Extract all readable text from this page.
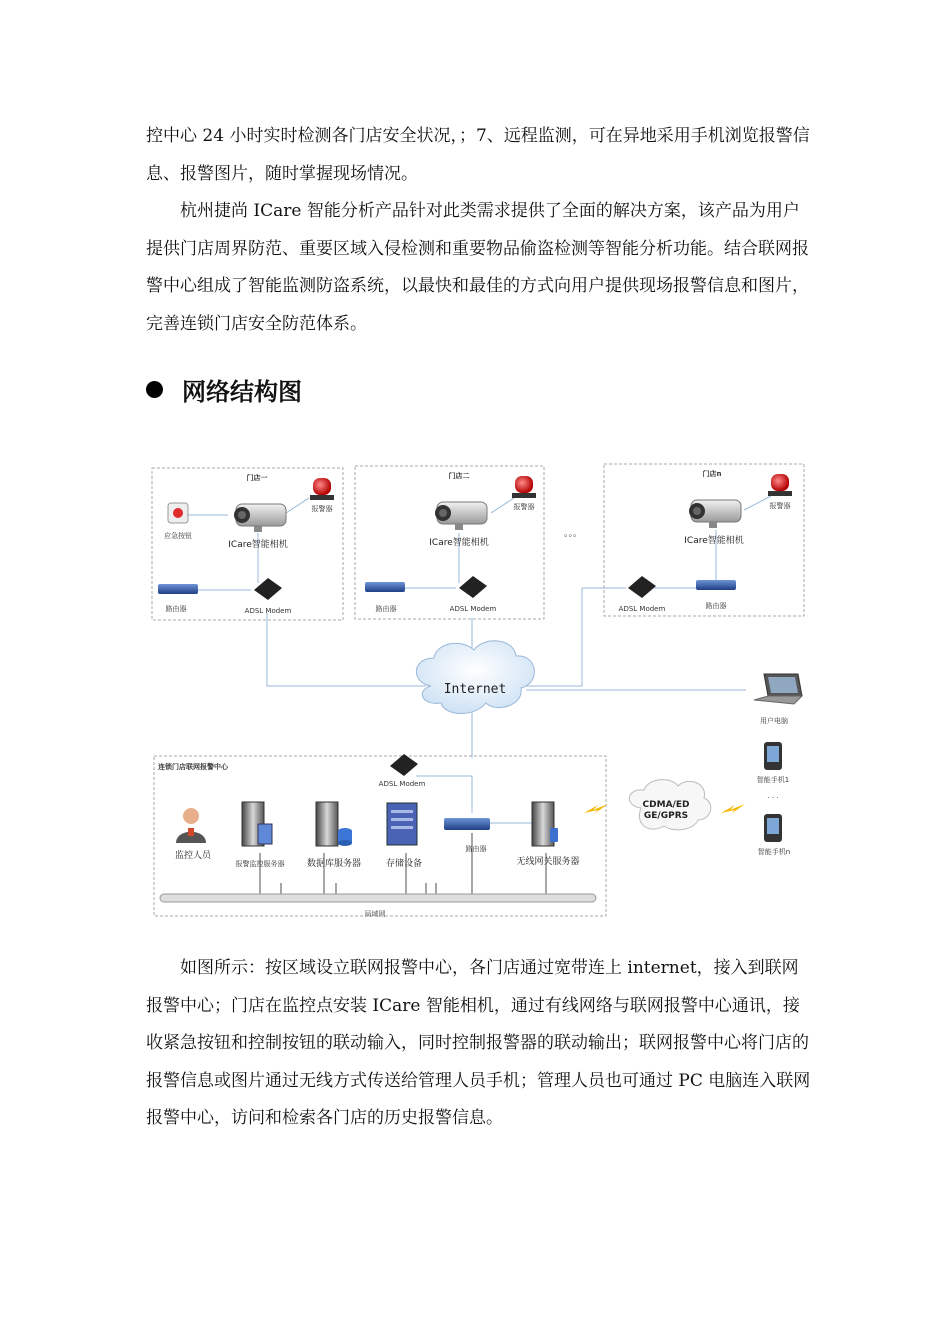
控中心 24 小时实时检测各门店安全状况，；7、远程监测，可在异地采用手机浏览报警信息、报警图片，随时掌握现场情况。

杭州捷尚 ICare 智能分析产品针对此类需求提供了全面的解决方案，该产品为用户提供门店周界防范、重要区域入侵检测和重要物品偷盗检测等智能分析功能。结合联网报警中心组成了智能监测防盗系统，以最快和最佳的方式向用户提供现场报警信息和图片，完善连锁门店安全防范体系。

网络结构图
门店一
应急按钮
报警器
ICare智能相机
路由器	ADSL Modem
门店二
报警器
ICare智能相机
路由器	ADSL Modem
。。。
门店n
报警器
ICare智能相机
ADSL Modem	路由器
Internet
用户电脑
智能手机1
· · ·
智能手机n
CDMA/ED
GE/GPRS
连锁门店联网报警中心
ADSL Modem
监控人员
报警监控服务器 数据库服务器	存储设备
路由器
无线网关服务器
局域网

如图所示：按区域设立联网报警中心，各门店通过宽带连上 internet，接入到联网报警中心；门店在监控点安装 ICare 智能相机，通过有线网络与联网报警中心通讯，接收紧急按钮和控制按钮的联动输入，同时控制报警器的联动输出；联网报警中心将门店的报警信息或图片通过无线方式传送给管理人员手机；管理人员也可通过 PC 电脑连入联网报警中心，访问和检索各门店的历史报警信息。
